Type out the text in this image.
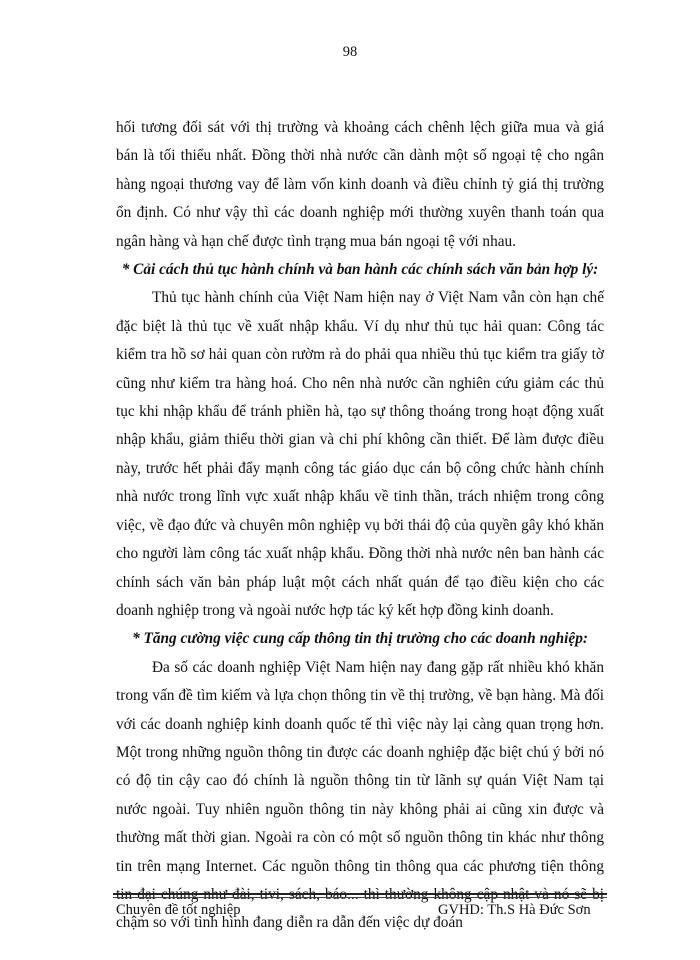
98

hối tương đối sát với thị trường và khoảng cách chênh lệch giữa mua và giá bán là tối thiểu nhất. Đồng thời nhà nước cần dành một số ngoại tệ cho ngân hàng ngoại thương vay để làm vốn kinh doanh và điều chỉnh tỷ giá thị trường ổn định. Có như vậy thì các doanh nghiệp mới thường xuyên thanh toán qua ngân hàng và hạn chế được tình trạng mua bán ngoại tệ với nhau.

* Cải cách thủ tục hành chính và ban hành các chính sách văn bản hợp lý:

Thủ tục hành chính của Việt Nam hiện nay ở Việt Nam vẫn còn hạn chế đặc biệt là thủ tục về xuất nhập khẩu. Ví dụ như thủ tục hải quan: Công tác kiểm tra hồ sơ hải quan còn rườm rà do phải qua nhiều thủ tục kiểm tra giấy tờ cũng như kiểm tra hàng hoá. Cho nên nhà nước cần nghiên cứu giảm các thủ tục khi nhập khẩu để tránh phiền hà, tạo sự thông thoáng trong hoạt động xuất nhập khẩu, giảm thiểu thời gian và chi phí không cần thiết. Để làm được điều này, trước hết phải đẩy mạnh công tác giáo dục cán bộ công chức hành chính nhà nước trong lĩnh vực xuất nhập khẩu về tinh thần, trách nhiệm trong công việc, về đạo đức và chuyên môn nghiệp vụ bởi thái độ của quyền gây khó khăn cho người làm công tác xuất nhập khẩu. Đồng thời nhà nước nên ban hành các chính sách văn bản pháp luật một cách nhất quán để tạo điều kiện cho các doanh nghiệp trong và ngoài nước hợp tác ký kết hợp đồng kinh doanh.

* Tăng cường việc cung cấp thông tin thị trường cho các doanh nghiệp:

Đa số các doanh nghiệp Việt Nam hiện nay đang gặp rất nhiều khó khăn trong vấn đề tìm kiếm và lựa chọn thông tin về thị trường, về bạn hàng. Mà đối với các doanh nghiệp kinh doanh quốc tế thì việc này lại càng quan trọng hơn. Một trong những nguồn thông tin được các doanh nghiệp đặc biệt chú ý bởi nó có độ tin cậy cao đó chính là nguồn thông tin từ lãnh sự quán Việt Nam tại nước ngoài. Tuy nhiên nguồn thông tin này không phải ai cũng xin được và thường mất thời gian. Ngoài ra còn có một số nguồn thông tin khác như thông tin trên mạng Internet. Các nguồn thông tin thông qua các phương tiện thông tin đại chúng như đài, tivi, sách, báo... thì thường không cập nhật và nó sẽ bị chậm so với tình hình đang diễn ra dẫn đến việc dự đoán

Chuyên đề tốt nghiệp	GVHD: Th.S Hà Đức Sơn
